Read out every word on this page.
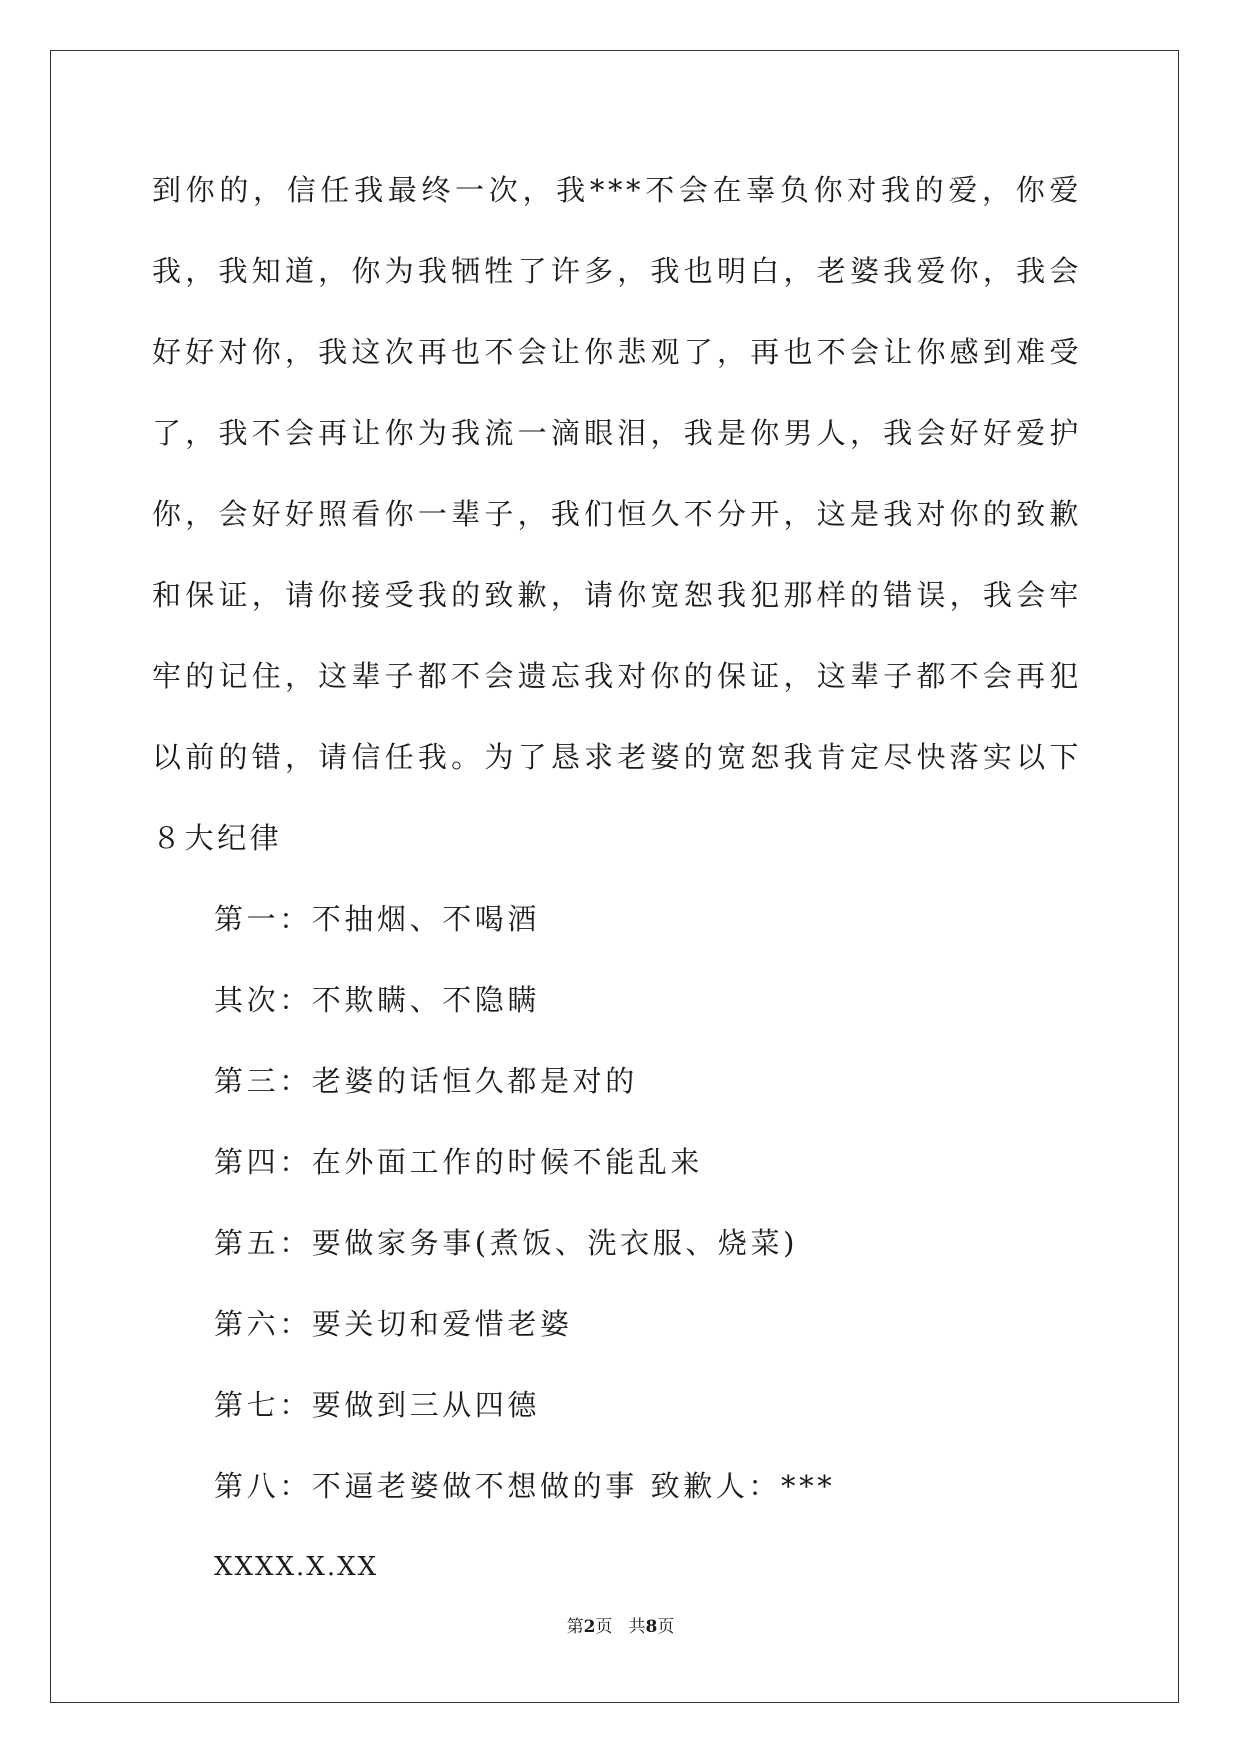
到你的，信任我最终一次，我***不会在辜负你对我的爱，你爱我，我知道，你为我牺牲了许多，我也明白，老婆我爱你，我会好好对你，我这次再也不会让你悲观了，再也不会让你感到难受了，我不会再让你为我流一滴眼泪，我是你男人，我会好好爱护你，会好好照看你一辈子，我们恒久不分开，这是我对你的致歉和保证，请你接受我的致歉，请你宽恕我犯那样的错误，我会牢牢的记住，这辈子都不会遗忘我对你的保证，这辈子都不会再犯以前的错，请信任我。为了恳求老婆的宽恕我肯定尽快落实以下８大纪律

第一：不抽烟、不喝酒
其次：不欺瞒、不隐瞒
第三：老婆的话恒久都是对的
第四：在外面工作的时候不能乱来
第五：要做家务事(煮饭、洗衣服、烧菜)
第六：要关切和爱惜老婆
第七：要做到三从四德
第八：不逼老婆做不想做的事 致歉人：***
XXXX.X.XX
第2页 共8页
